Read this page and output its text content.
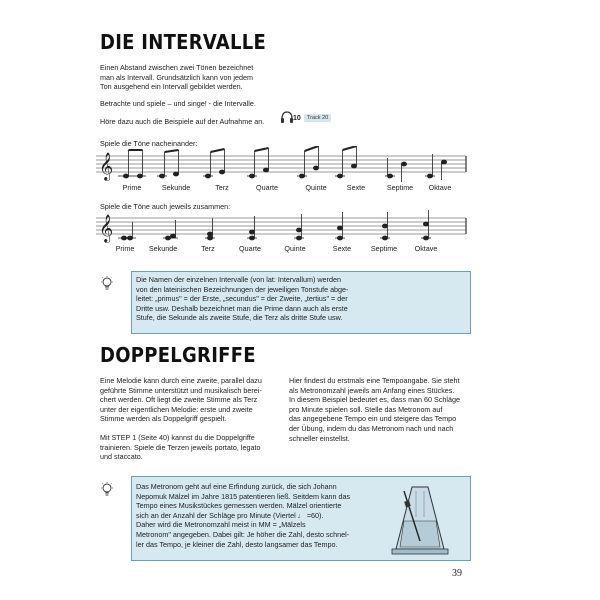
DIE INTERVALLE
Einen Abstand zwischen zwei Tönen bezeichnet
man als Intervall. Grundsätzlich kann von jedem
Ton ausgehend ein Intervall gebildet werden.
Betrachte und spiele – und singe! - die Intervalle.
Höre dazu auch die Beispiele auf der Aufnahme an.	10	Track 20
Spiele die Töne nacheinander:
𝄞
Prime	Sekunde	Terz	Quarte	Quinte	Sexte	Septime	Oktave
Spiele die Töne auch jeweils zusammen:
𝄞
Prime	Sekunde	Terz	Quarte	Quinte	Sexte	Septime	Oktave
Die Namen der einzelnen Intervalle (von lat: Intervallum) werden
von den lateinischen Bezeichnungen der jeweiligen Tonstufe abge-
leitet: „primus" = der Erste, „secundus" = der Zweite, „tertius" = der
Dritte usw. Deshalb bezeichnet man die Prime dann auch als erste
Stufe, die Sekunde als zweite Stufe, die Terz als dritte Stufe usw.
DOPPELGRIFFE
Eine Melodie kann durch eine zweite, parallel dazu
geführte Stimme unterstützt und musikalisch berei-
chert werden. Oft liegt die zweite Stimme als Terz
unter der eigentlichen Melodie: erste und zweite
Stimme werden als Doppelgriff gespielt.
Mit STEP 1 (Seite 40) kannst du die Doppelgriffe
trainieren. Spiele die Terzen jeweils portato, legato
und staccato.
Hier findest du erstmals eine Tempoangabe. Sie steht
als Metronomzahl jeweils am Anfang eines Stückes.
In diesem Beispiel bedeutet es, dass man 60 Schläge
pro Minute spielen soll. Stelle das Metronom auf
das angegebene Tempo ein und steigere das Tempo
der Übung, indem du das Metronom nach und nach
schneller einstellst.
Das Metronom geht auf eine Erfindung zurück, die sich Johann
Nepomuk Mälzel im Jahre 1815 patentieren ließ. Seitdem kann das
Tempo eines Musikstückes gemessen werden. Mälzel orientierte
sich an der Anzahl der Schläge pro Minute (Viertel ♩ =60).
Daher wird die Metronomzahl meist in MM = „Mälzels
Metronom" angegeben. Dabei gilt: Je höher die Zahl, desto schnel-
ler das Tempo, je kleiner die Zahl, desto langsamer das Tempo.
39
